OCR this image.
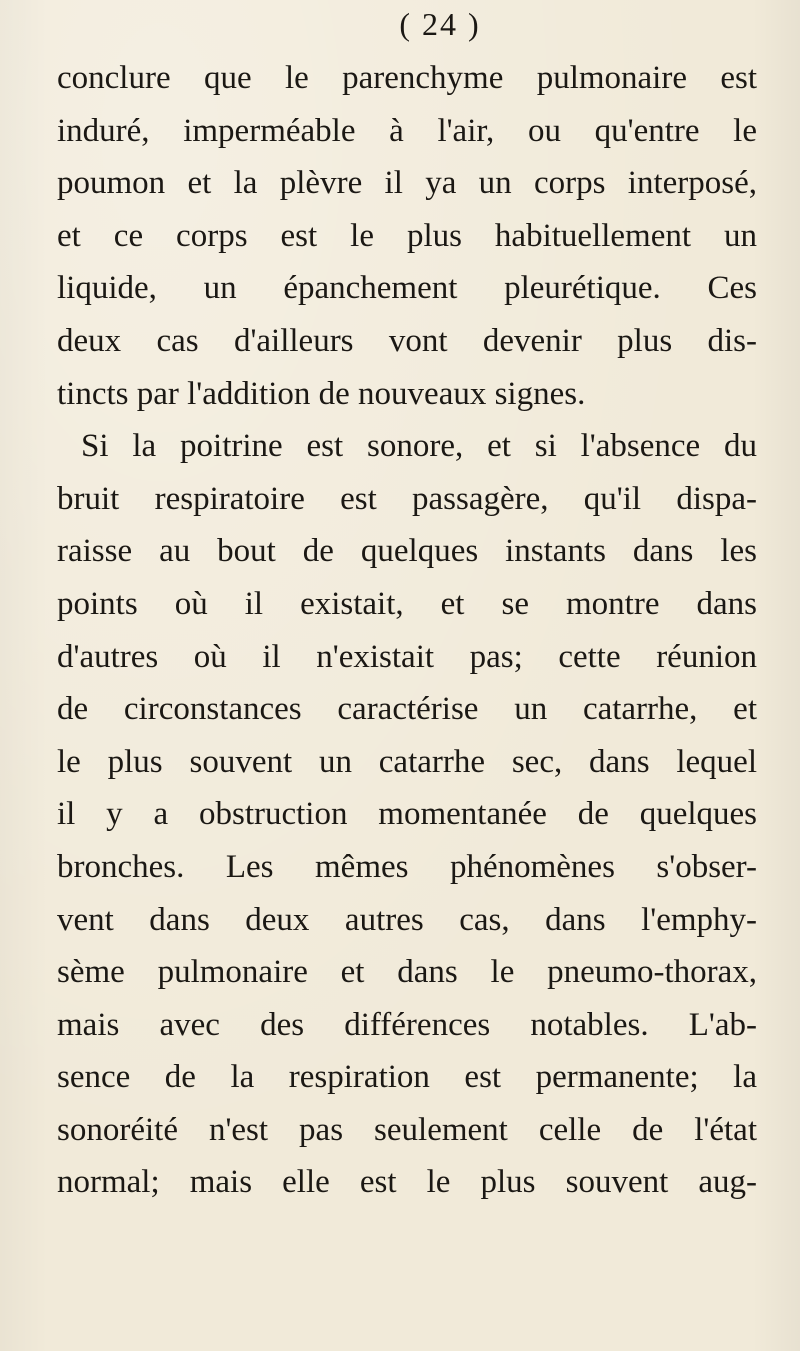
( 24 )
conclure que le parenchyme pulmonaire est
induré, imperméable à l'air, ou qu'entre le
poumon et la plèvre il ya un corps interposé,
et ce corps est le plus habituellement un
liquide, un épanchement pleurétique. Ces
deux cas d'ailleurs vont devenir plus dis-
tincts par l'addition de nouveaux signes.
Si la poitrine est sonore, et si l'absence du
bruit respiratoire est passagère, qu'il dispa-
raisse au bout de quelques instants dans les
points où il existait, et se montre dans
d'autres où il n'existait pas; cette réunion
de circonstances caractérise un catarrhe, et
le plus souvent un catarrhe sec, dans lequel
il y a obstruction momentanée de quelques
bronches. Les mêmes phénomènes s'obser-
vent dans deux autres cas, dans l'emphy-
sème pulmonaire et dans le pneumo-thorax,
mais avec des différences notables. L'ab-
sence de la respiration est permanente; la
sonoréité n'est pas seulement celle de l'état
normal; mais elle est le plus souvent aug-
